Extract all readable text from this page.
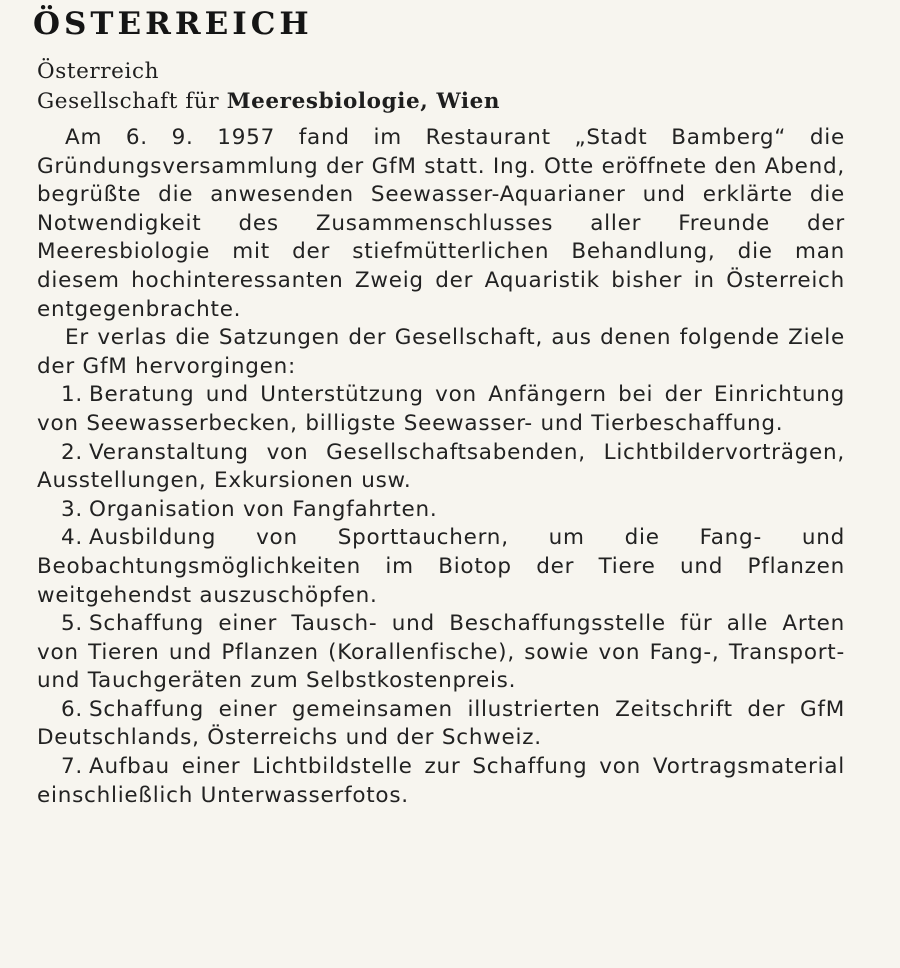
ÖSTERREICH
Österreich
Gesellschaft für Meeresbiologie, Wien

Am 6. 9. 1957 fand im Restaurant „Stadt Bamberg“ die Gründungsversammlung der GfM statt. Ing. Otte eröffnete den Abend, begrüßte die anwesenden Seewasser-Aquarianer und erklärte die Notwendigkeit des Zusammenschlusses aller Freunde der Meeresbiologie mit der stiefmütterlichen Behandlung, die man diesem hochinteressanten Zweig der Aquaristik bisher in Österreich entgegenbrachte.

Er verlas die Satzungen der Gesellschaft, aus denen folgende Ziele der GfM hervorgingen:

1. Beratung und Unterstützung von Anfängern bei der Einrichtung von Seewasserbecken, billigste Seewasser- und Tierbeschaffung.

2. Veranstaltung von Gesellschaftsabenden, Lichtbildervorträgen, Ausstellungen, Exkursionen usw.

3. Organisation von Fangfahrten.

4. Ausbildung von Sporttauchern, um die Fang- und Beobachtungsmöglichkeiten im Biotop der Tiere und Pflanzen weitgehendst auszuschöpfen.

5. Schaffung einer Tausch- und Beschaffungsstelle für alle Arten von Tieren und Pflanzen (Korallenfische), sowie von Fang-, Transport- und Tauchgeräten zum Selbstkostenpreis.

6. Schaffung einer gemeinsamen illustrierten Zeitschrift der GfM Deutschlands, Österreichs und der Schweiz.

7. Aufbau einer Lichtbildstelle zur Schaffung von Vortragsmaterial einschließlich Unterwasserfotos.
